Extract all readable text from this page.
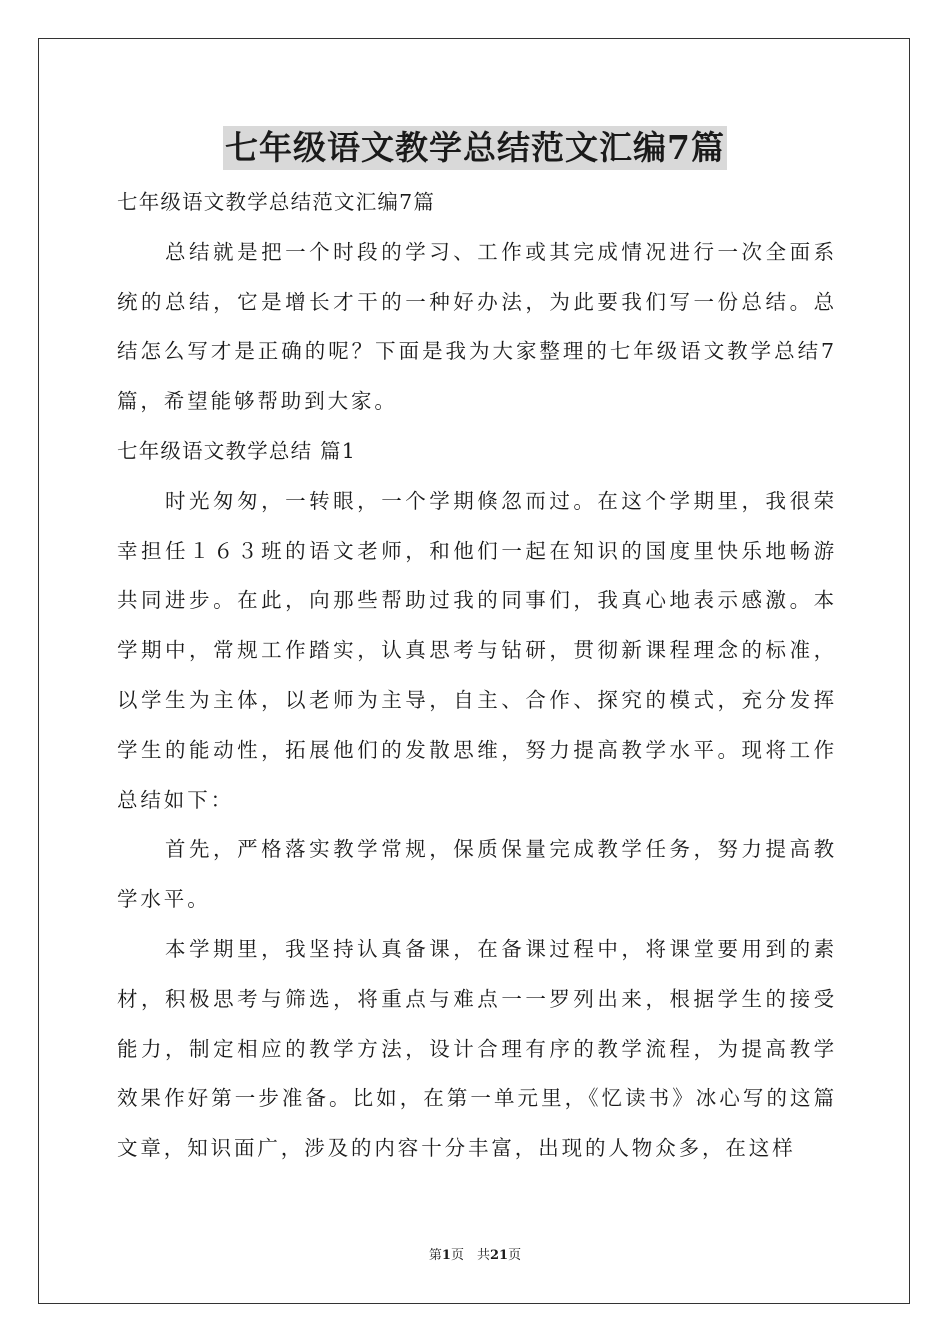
七年级语文教学总结范文汇编7篇

七年级语文教学总结范文汇编7篇

总结就是把一个时段的学习、工作或其完成情况进行一次全面系统的总结，它是增长才干的一种好办法，为此要我们写一份总结。总结怎么写才是正确的呢？下面是我为大家整理的七年级语文教学总结7篇，希望能够帮助到大家。

七年级语文教学总结 篇1

时光匆匆，一转眼，一个学期倏忽而过。在这个学期里，我很荣幸担任１６３班的语文老师，和他们一起在知识的国度里快乐地畅游共同进步。在此，向那些帮助过我的同事们，我真心地表示感激。本学期中，常规工作踏实，认真思考与钻研，贯彻新课程理念的标准，以学生为主体，以老师为主导，自主、合作、探究的模式，充分发挥学生的能动性，拓展他们的发散思维，努力提高教学水平。现将工作总结如下：

首先，严格落实教学常规，保质保量完成教学任务，努力提高教学水平。

本学期里，我坚持认真备课，在备课过程中，将课堂要用到的素材，积极思考与筛选，将重点与难点一一罗列出来，根据学生的接受能力，制定相应的教学方法，设计合理有序的教学流程，为提高教学效果作好第一步准备。比如，在第一单元里，《忆读书》冰心写的这篇文章，知识面广，涉及的内容十分丰富，出现的人物众多，在这样

第1页　共21页
